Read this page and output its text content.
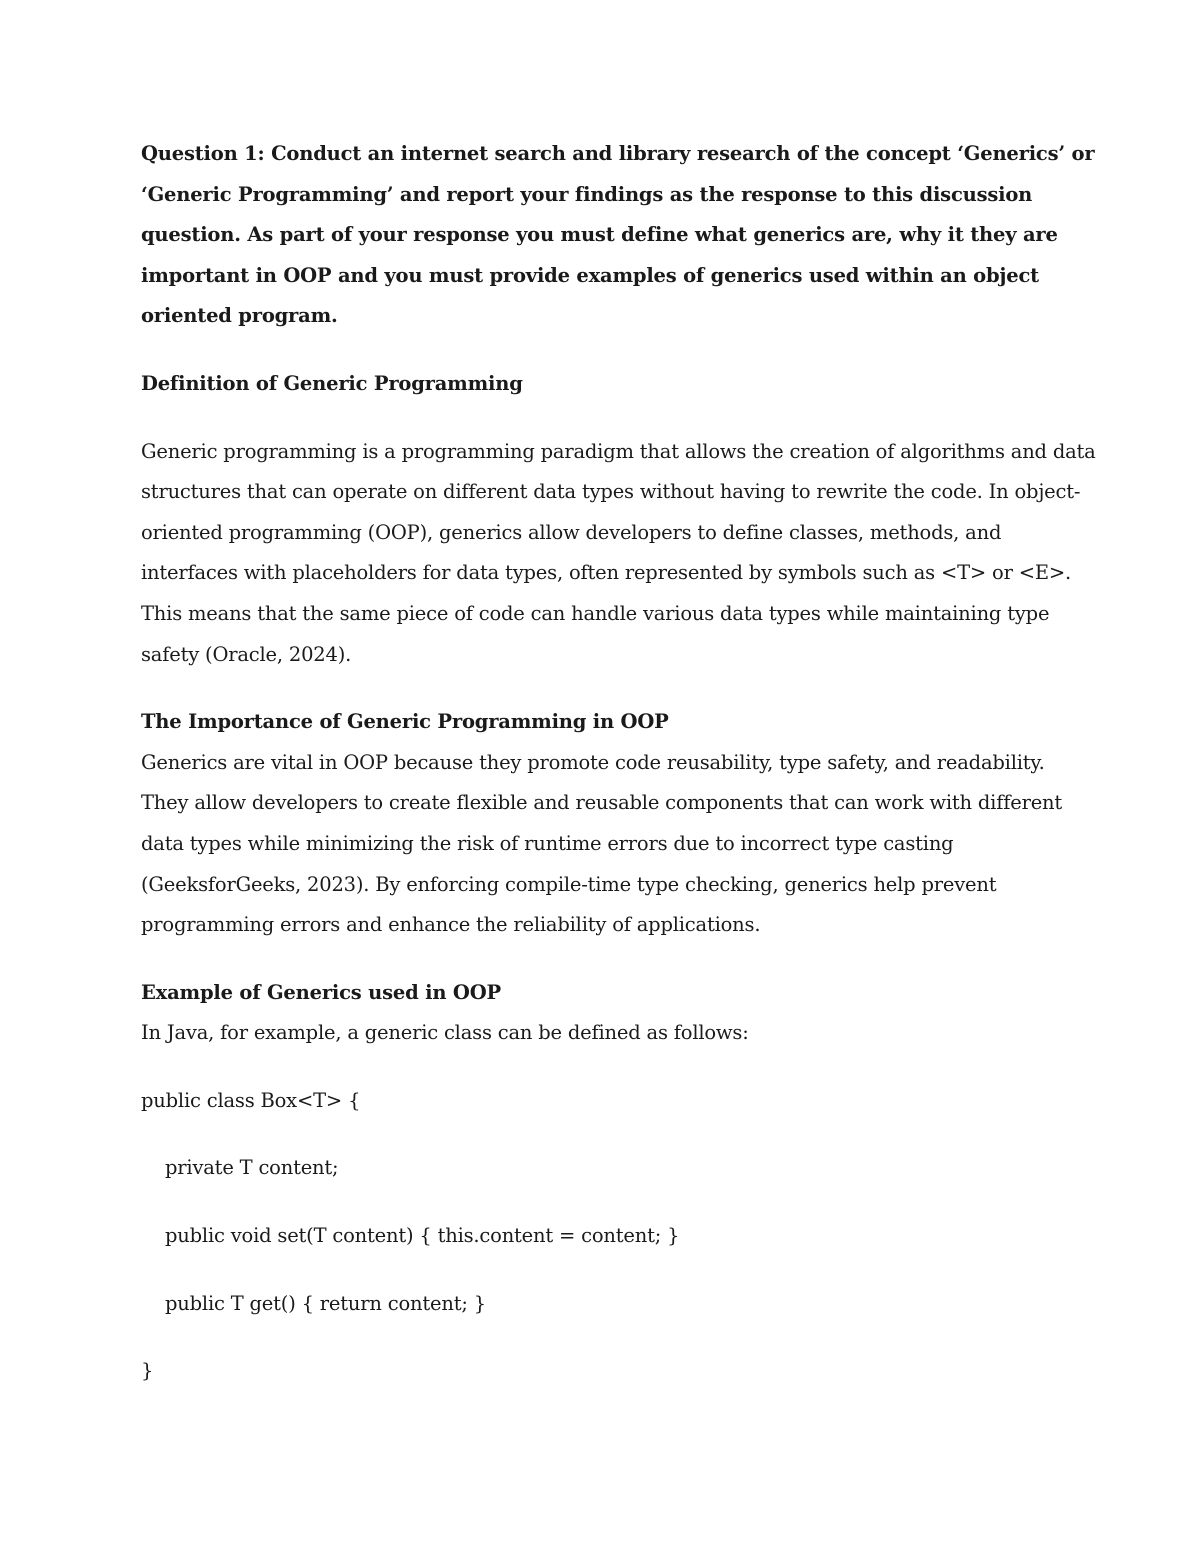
Question 1: Conduct an internet search and library research of the concept ‘Generics’ or
‘Generic Programming’ and report your findings as the response to this discussion
question. As part of your response you must define what generics are, why it they are
important in OOP and you must provide examples of generics used within an object
oriented program.
Definition of Generic Programming
Generic programming is a programming paradigm that allows the creation of algorithms and data
structures that can operate on different data types without having to rewrite the code. In object-
oriented programming (OOP), generics allow developers to define classes, methods, and
interfaces with placeholders for data types, often represented by symbols such as <T> or <E>.
This means that the same piece of code can handle various data types while maintaining type
safety (Oracle, 2024).
The Importance of Generic Programming in OOP
Generics are vital in OOP because they promote code reusability, type safety, and readability.
They allow developers to create flexible and reusable components that can work with different
data types while minimizing the risk of runtime errors due to incorrect type casting
(GeeksforGeeks, 2023). By enforcing compile-time type checking, generics help prevent
programming errors and enhance the reliability of applications.
Example of Generics used in OOP
In Java, for example, a generic class can be defined as follows:
public class Box<T> {
private T content;
public void set(T content) { this.content = content; }
public T get() { return content; }
}
